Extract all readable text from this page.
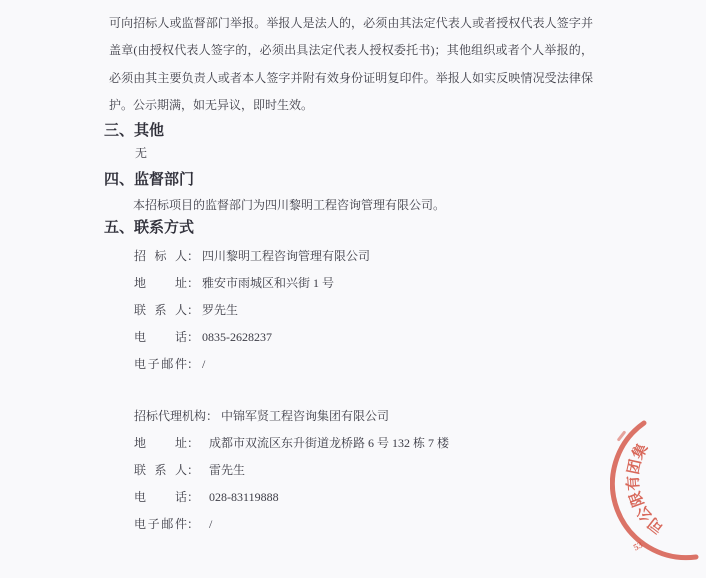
可向招标人或监督部门举报。举报人是法人的，必须由其法定代表人或者授权代表人签字并
盖章(由授权代表人签字的，必须出具法定代表人授权委托书)；其他组织或者个人举报的，
必须由其主要负责人或者本人签字并附有效身份证明复印件。举报人如实反映情况受法律保
护。公示期满，如无异议，即时生效。
三、其他
无
四、监督部门
本招标项目的监督部门为四川黎明工程咨询管理有限公司。
五、联系方式
招标人： 四川黎明工程咨询管理有限公司
地址： 雅安市雨城区和兴街 1 号
联系人： 罗先生
电话： 0835-2628237
电子邮件： /
招标代理机构： 中锦军贤工程咨询集团有限公司
地址： 成都市双流区东升街道龙桥路 6 号 132 栋 7 楼
联系人： 雷先生
电话： 028-83119888
电子邮件： /
集
团
有
限
公
司
53
